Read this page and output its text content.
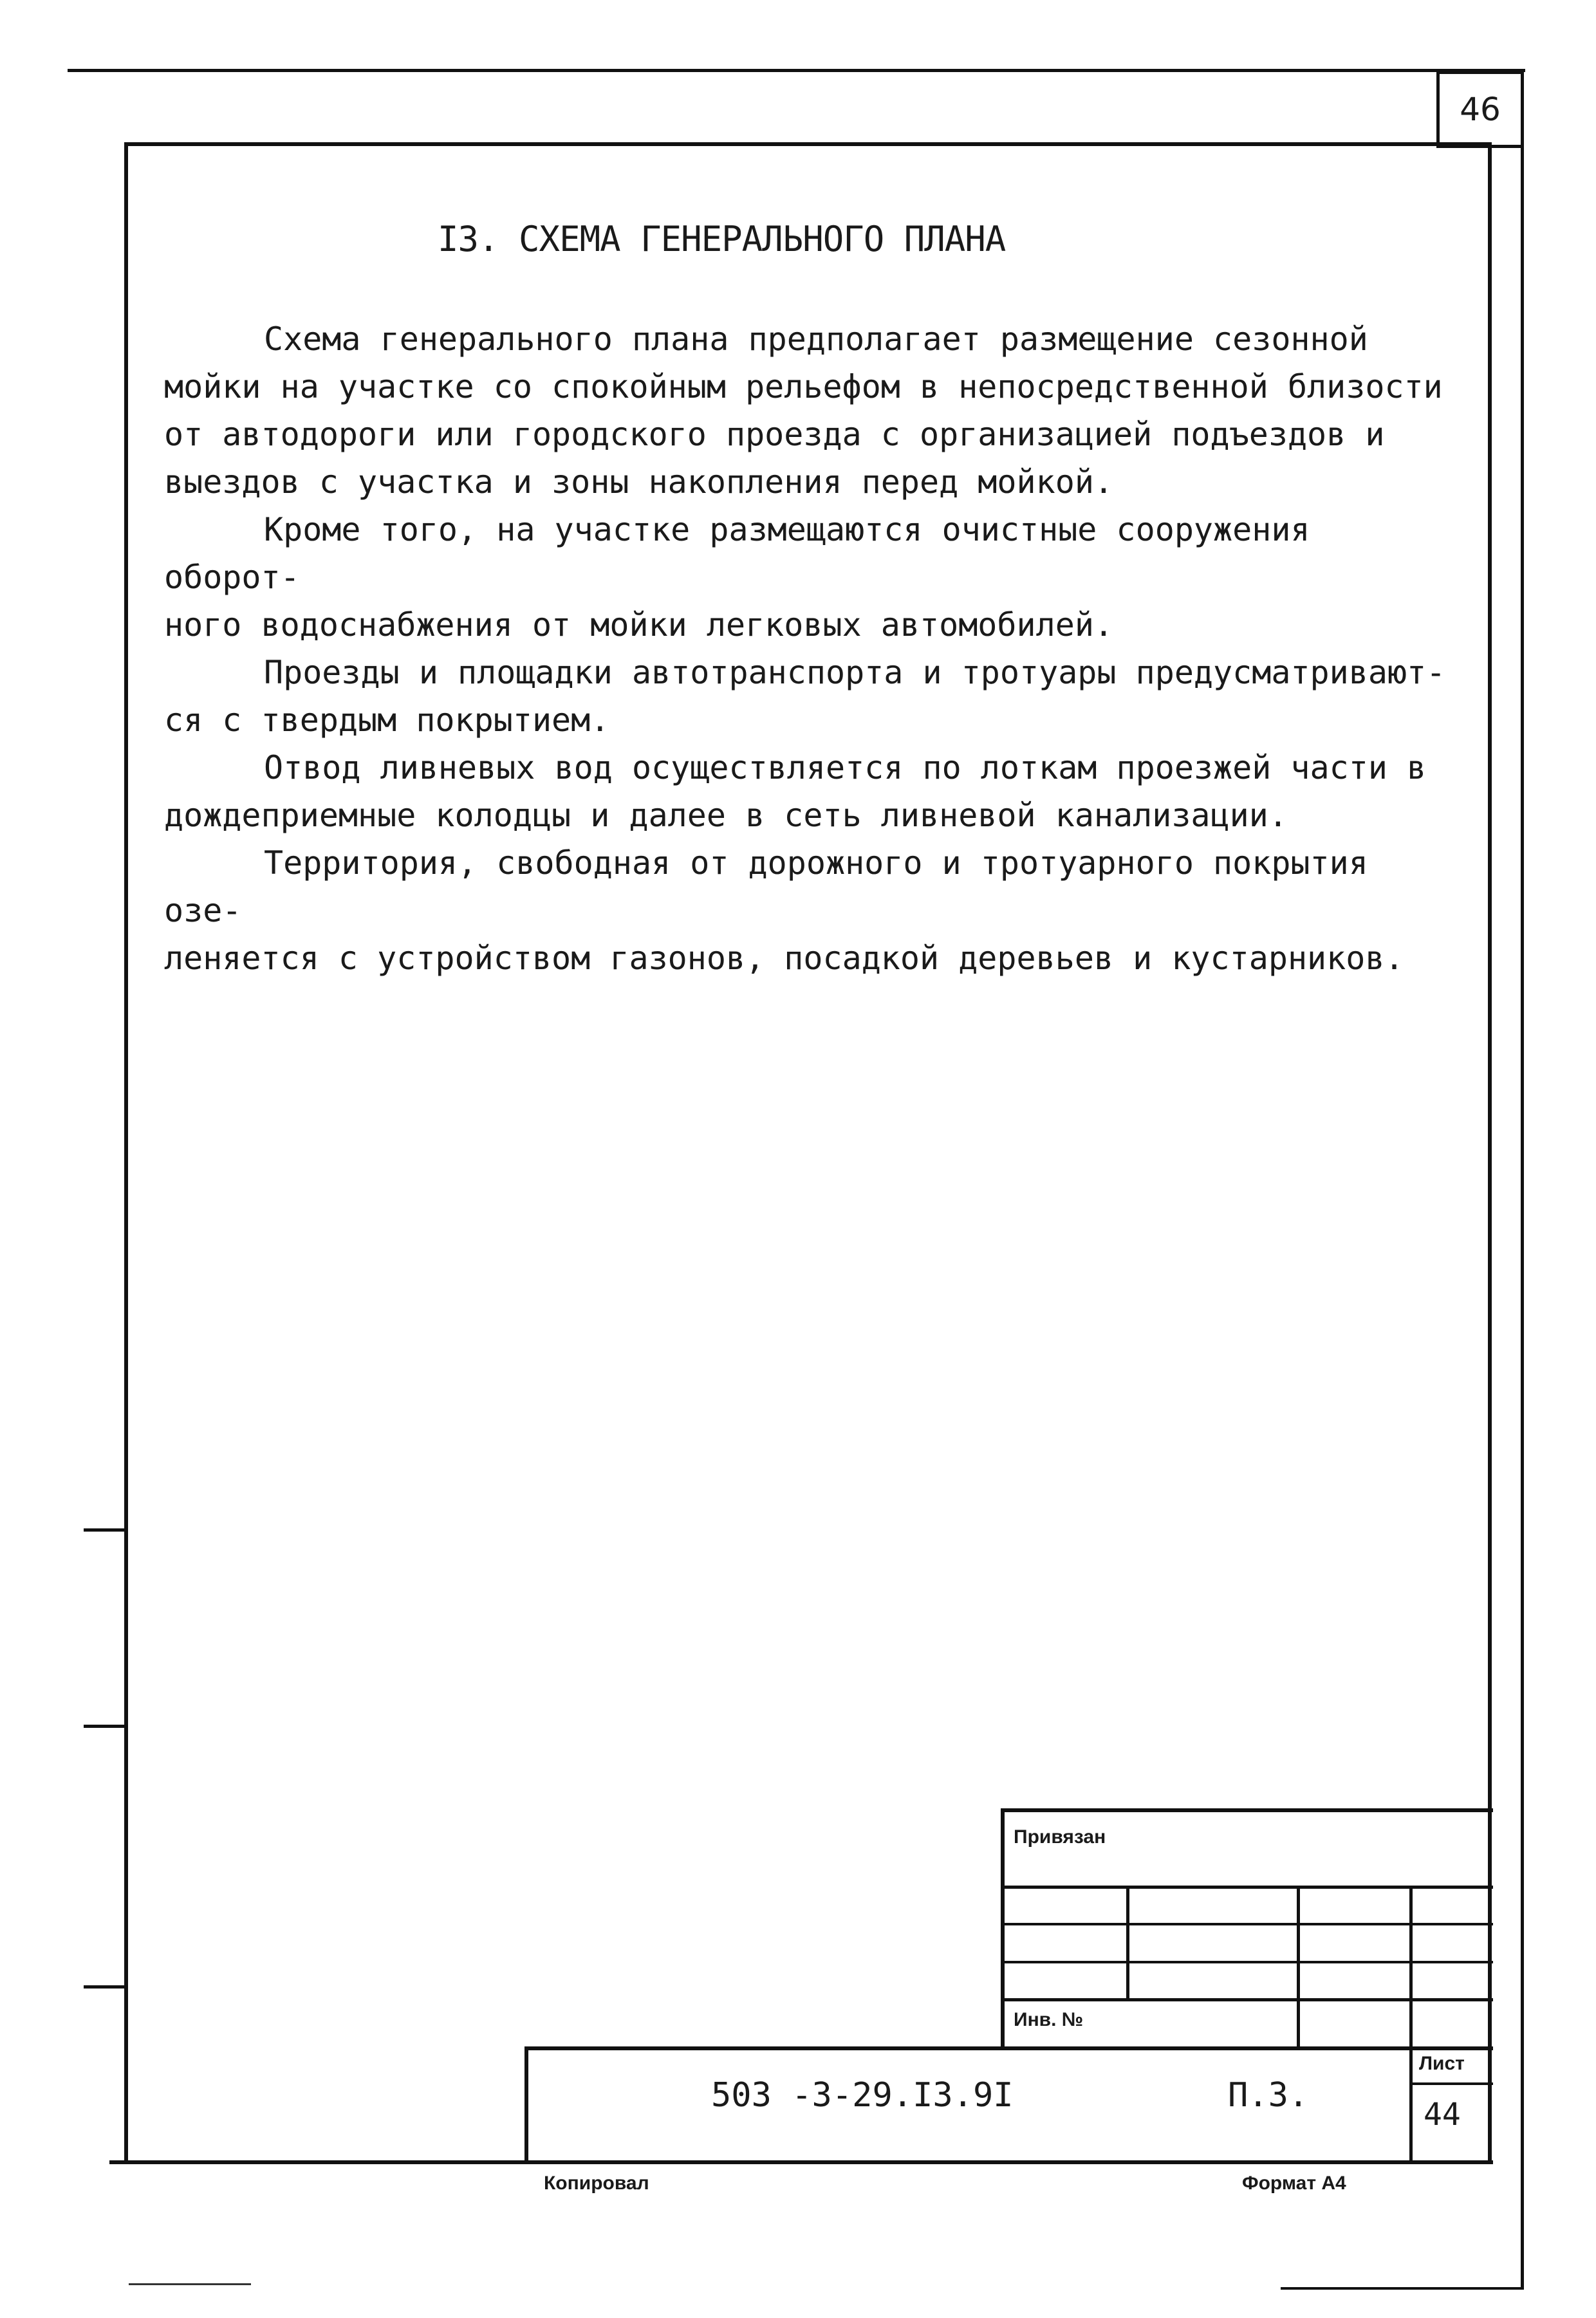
46
I3. СХЕМА ГЕНЕРАЛЬНОГО ПЛАНА

Схема генерального плана предполагает размещение сезонной

мойки на участке со спокойным рельефом в непосредственной близости

от автодороги или городского проезда с организацией подъездов и

выездов с участка и зоны накопления перед мойкой.

Кроме того, на участке размещаются очистные сооружения оборот-

ного водоснабжения от мойки легковых автомобилей.

Проезды и площадки автотранспорта и тротуары предусматривают-

ся с твердым покрытием.

Отвод ливневых вод осуществляется по лоткам проезжей части в

дождеприемные колодцы и далее в сеть ливневой канализации.

Территория, свободная от дорожного и тротуарного покрытия озе-

леняется с устройством газонов, посадкой деревьев и кустарников.

Привязан
Инв. №
503 -3-29.I3.9I	П.З.
Лист
44
Копировал	Формат А4
